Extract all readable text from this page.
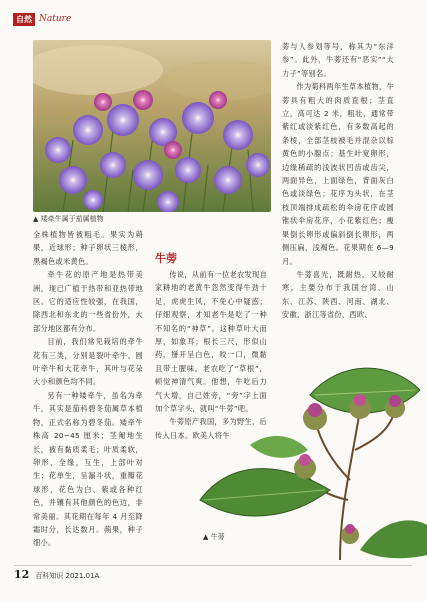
自然 Nature
▲ 矮牵牛属于茄属植物

全株植物皆被粗毛。果实为蒴果，近球形；种子卵状三棱形，黑褐色或米黄色。

牵牛花的原产地是热带美洲，现已广植于热带和亚热带地区。它的适应性较强，在我国，除西北和东北的一些省份外，大部分地区都有分布。

目前，我们常见栽培的牵牛花有三类，分别是裂叶牵牛、圆叶牵牛和大花牵牛，其叶与花朵大小和颜色均不同。

另有一种矮牵牛，虽名为牵牛，其实是茄科碧冬茄属草本植物，正式名称为碧冬茄。矮牵牛株高 20~45 厘米；茎匍地生长，被有黏质柔毛；叶质柔软，卵形，全缘，互生，上部叶对生；花单生，呈漏斗状，重瓣花球形，花色为白、紫或各种红色，并镶有其他颜色的色边，非常美丽。其花期在每年 4 月至降霜时分，长达数月。蒴果，种子细小。

牛蒡

传说，从前有一位老农发现自家耕地的老黄牛忽然变得牛劲十足，虎虎生风，不免心中疑惑；仔细观察，才知老牛是吃了一种不知名的“神草”。这种草叶大而厚，如象耳；根长三尺，形似山药，掰开呈白色，咬一口，微黏且带土腥味。老农吃了“草根”，顿觉神清气爽。他想，牛吃后力气大增，自己姓旁，“旁”字上面加个草字头，就叫“牛蒡”吧。

牛蒡原产我国，多为野生，后传入日本。欧美人将牛

蒡与人参划等号，称其为“东洋参”。此外，牛蒡还有“恶实”“大力子”等别名。

作为菊科两年生草本植物，牛蒡具有粗大的肉质直根；茎直立，高可达 2 米，粗壮，通常带紫红或淡紫红色，有多数高起的条棱，全部茎枝被毛并混杂以棕黄色的小腺点；基生叶宽卵形，边缘稀疏的浅波状凹齿或齿尖，两面异色，上面绿色，背面灰白色或淡绿色；花序为头状，在茎枝顶端排成疏松的伞房花序或圆锥状伞房花序，小花紫红色；瘦果倒长卵形或偏斜倒长卵形，两侧压扁，浅褐色。花果期在 6—9 月。

牛蒡喜光，既耐热，又较耐寒，主要分布于我国台湾、山东、江苏、陕西、河南、湖北、安徽、浙江等省份，西欧、

▲ 牛蒡
12 百科知识 2021.01A
